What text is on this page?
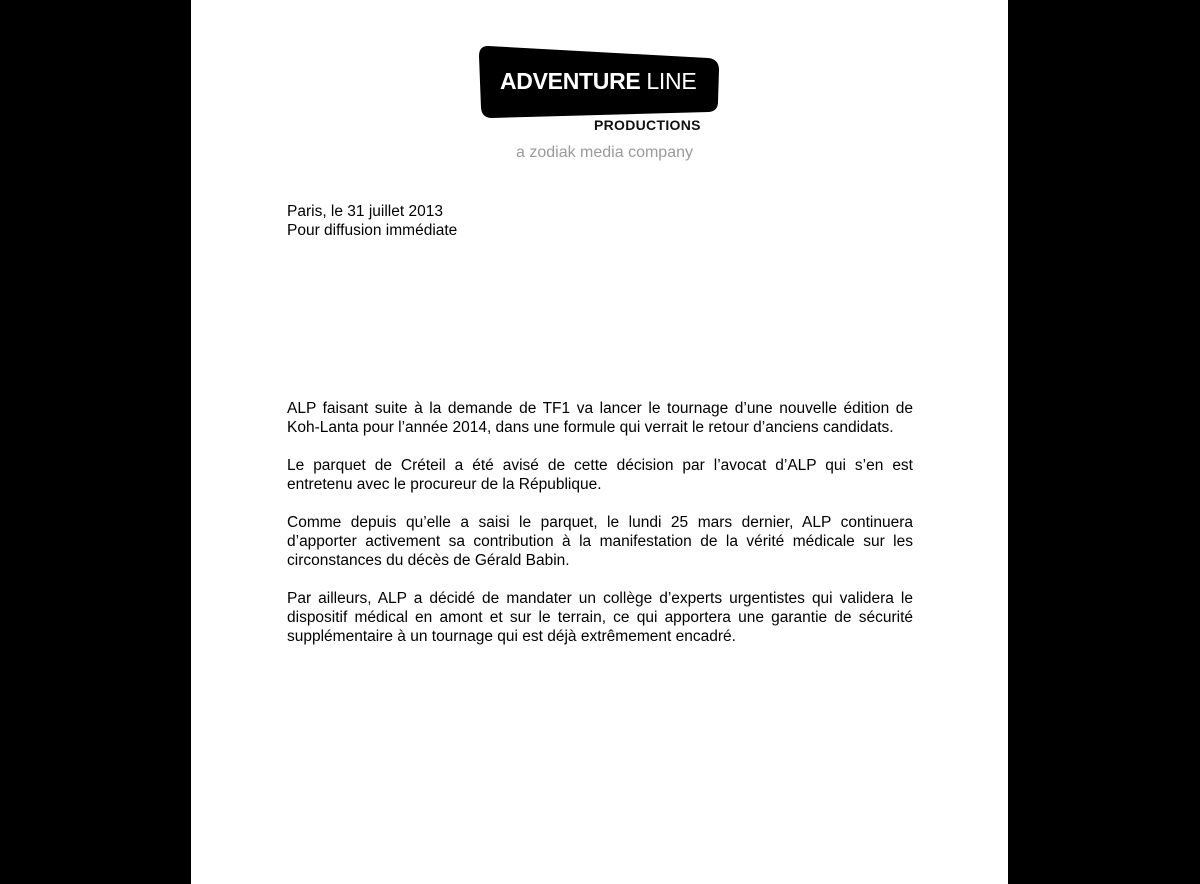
ADVENTURE LINE
PRODUCTIONS
a zodiak media company
Paris, le 31 juillet 2013
Pour diffusion immédiate

ALP faisant suite à la demande de TF1 va lancer le tournage d’une nouvelle édition de Koh-Lanta pour l’année 2014, dans une formule qui verrait le retour d’anciens candidats.

Le parquet de Créteil a été avisé de cette décision par l’avocat d’ALP qui s’en est entretenu avec le procureur de la République.

Comme depuis qu’elle a saisi le parquet, le lundi 25 mars dernier, ALP continuera d’apporter activement sa contribution à la manifestation de la vérité médicale sur les circonstances du décès de Gérald Babin.

Par ailleurs, ALP a décidé de mandater un collège d’experts urgentistes qui validera le dispositif médical en amont et sur le terrain, ce qui apportera une garantie de sécurité supplémentaire à un tournage qui est déjà extrêmement encadré.
